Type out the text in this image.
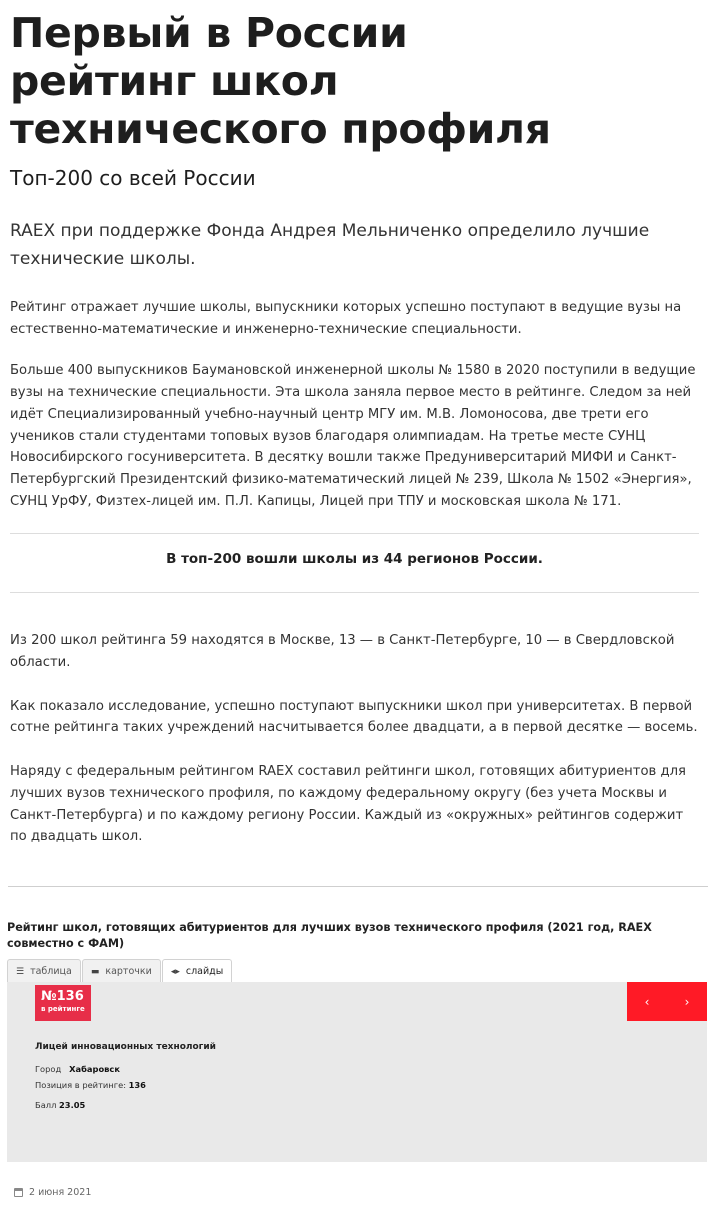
Первый в России
рейтинг школ
технического профиля
Топ-200 со всей России

RAEX при поддержке Фонда Андрея Мельниченко определило лучшие технические школы.

Рейтинг отражает лучшие школы, выпускники которых успешно поступают в ведущие вузы на естественно-математические и инженерно-технические специальности.

Больше 400 выпускников Баумановской инженерной школы № 1580 в 2020 поступили в ведущие вузы на технические специальности. Эта школа заняла первое место в рейтинге. Следом за ней идёт Специализированный учебно-научный центр МГУ им. М.В. Ломоносова, две трети его учеников стали студентами топовых вузов благодаря олимпиадам. На третье месте СУНЦ Новосибирского госуниверситета. В десятку вошли также Предуниверситарий МИФИ и Санкт-Петербургский Президентский физико-математический лицей № 239, Школа № 1502 «Энергия», СУНЦ УрФУ, Физтех-лицей им. П.Л. Капицы, Лицей при ТПУ и московская школа № 171.

В топ-200 вошли школы из 44 регионов России.

Из 200 школ рейтинга 59 находятся в Москве, 13 — в Санкт-Петербурге, 10 — в Свердловской области.

Как показало исследование, успешно поступают выпускники школ при университетах. В первой сотне рейтинга таких учреждений насчитывается более двадцати, а в первой десятке — восемь.

Наряду с федеральным рейтингом RAEX составил рейтинги школ, готовящих абитуриентов для лучших вузов технического профиля, по каждому федеральному округу (без учета Москвы и Санкт-Петербурга) и по каждому региону России. Каждый из «окружных» рейтингов содержит по двадцать школ.

Рейтинг школ, готовящих абитуриентов для лучших вузов технического профиля (2021 год, RAEX совместно с ФАМ)
☰ таблица ▬ карточки ◂▸ слайды
№136
в рейтинге
‹	›
Лицей инновационных технологий
Город Хабаровск
Позиция в рейтинге: 136
Балл 23.05
2 июня 2021
